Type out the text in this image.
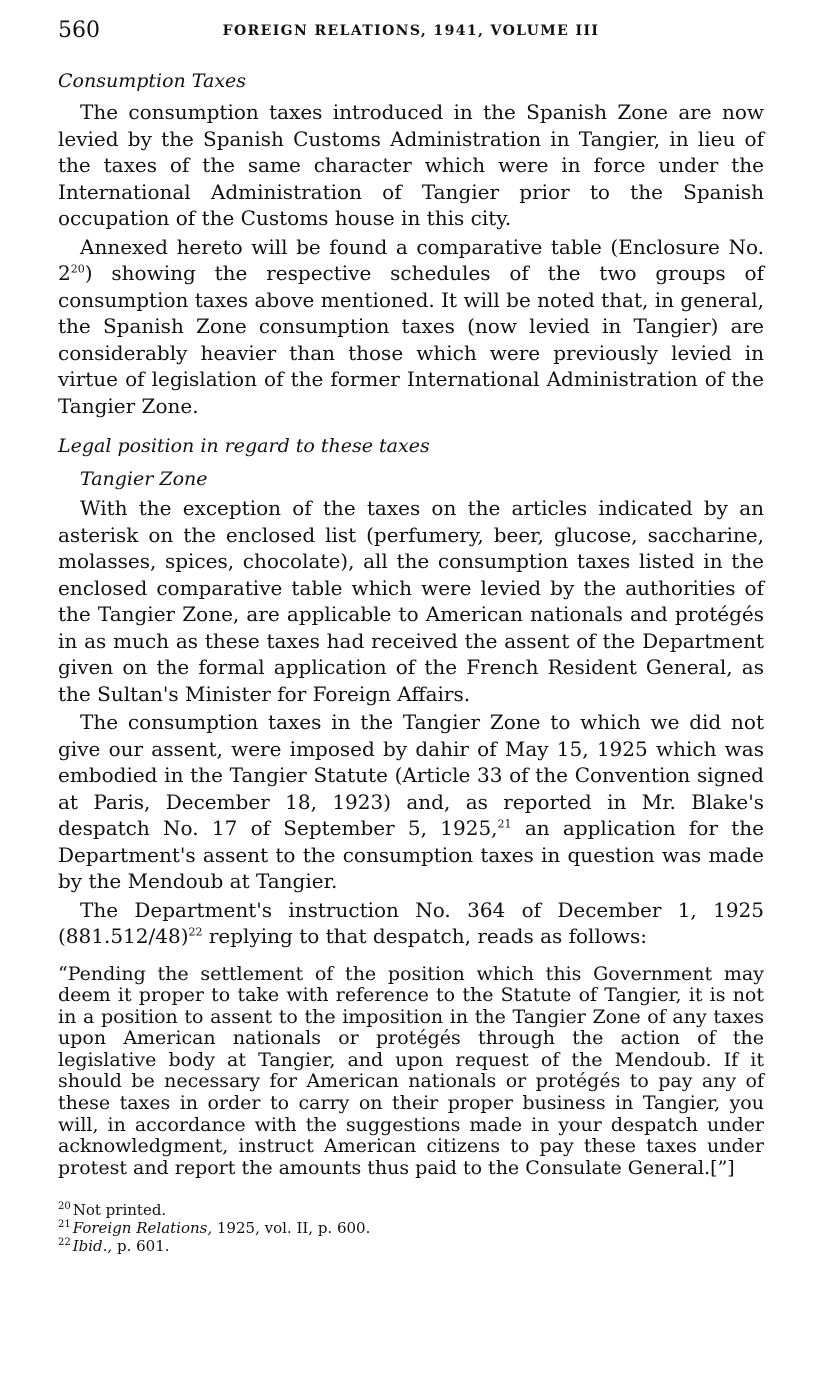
560	FOREIGN RELATIONS, 1941, VOLUME III
Consumption Taxes

The consumption taxes introduced in the Spanish Zone are now levied by the Spanish Customs Administration in Tangier, in lieu of the taxes of the same character which were in force under the International Administration of Tangier prior to the Spanish occupation of the Customs house in this city.

Annexed hereto will be found a comparative table (Enclosure No. $2^{20}$) showing the respective schedules of the two groups of consumption taxes above mentioned. It will be noted that, in general, the Spanish Zone consumption taxes (now levied in Tangier) are considerably heavier than those which were previously levied in virtue of legislation of the former International Administration of the Tangier Zone.

Legal position in regard to these taxes
Tangier Zone

With the exception of the taxes on the articles indicated by an asterisk on the enclosed list (perfumery, beer, glucose, saccharine, molasses, spices, chocolate), all the consumption taxes listed in the enclosed comparative table which were levied by the authorities of the Tangier Zone, are applicable to American nationals and protégés in as much as these taxes had received the assent of the Department given on the formal application of the French Resident General, as the Sultan's Minister for Foreign Affairs.

The consumption taxes in the Tangier Zone to which we did not give our assent, were imposed by dahir of May 15, 1925 which was embodied in the Tangier Statute (Article 33 of the Convention signed at Paris, December 18, 1923) and, as reported in Mr. Blake's despatch No. 17 of September 5, 1925,21 an application for the Department's assent to the consumption taxes in question was made by the Mendoub at Tangier.

The Department's instruction No. 364 of December 1, 1925 $(881.512/48)^{22}$ replying to that despatch, reads as follows:

“Pending the settlement of the position which this Government may deem it proper to take with reference to the Statute of Tangier, it is not in a position to assent to the imposition in the Tangier Zone of any taxes upon American nationals or protégés through the action of the legislative body at Tangier, and upon request of the Mendoub. If it should be necessary for American nationals or protégés to pay any of these taxes in order to carry on their proper business in Tangier, you will, in accordance with the suggestions made in your despatch under acknowledgment, instruct American citizens to pay these taxes under protest and report the amounts thus paid to the Consulate General.[”]

$^{20}$ Not printed.
$^{21}$ Foreign Relations, 1925, vol. II, p. 600.
$^{22}$ Ibid., p. 601.
